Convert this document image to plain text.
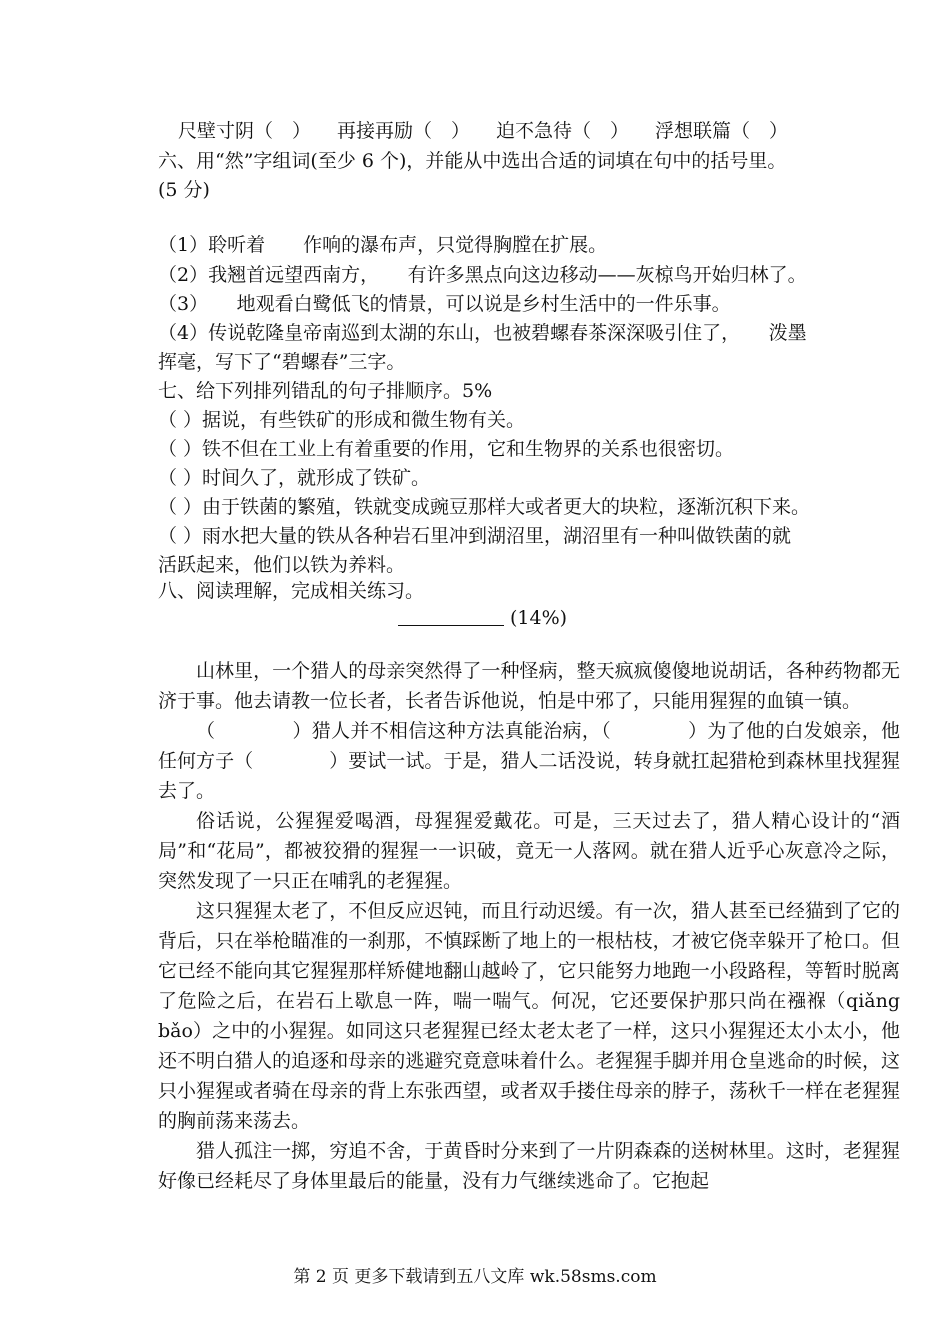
尺壁寸阴（　） 再接再励（　） 迫不急待（　） 浮想联篇（　）
六、用“然”字组词(至少 6 个)，并能从中选出合适的词填在句中的括号里。
(5 分)
（1）聆听着　　作响的瀑布声，只觉得胸膛在扩展。
（2）我翘首远望西南方，　　有许多黑点向这边移动——灰椋鸟开始归林了。
（3）　　地观看白鹭低飞的情景，可以说是乡村生活中的一件乐事。
（4）传说乾隆皇帝南巡到太湖的东山，也被碧螺春茶深深吸引住了，　　泼墨
挥毫，写下了“碧螺春”三字。
七、给下列排列错乱的句子排顺序。5%
（ ）据说，有些铁矿的形成和微生物有关。
（ ）铁不但在工业上有着重要的作用，它和生物界的关系也很密切。
（ ）时间久了，就形成了铁矿。
（ ）由于铁菌的繁殖，铁就变成豌豆那样大或者更大的块粒，逐渐沉积下来。
（ ）雨水把大量的铁从各种岩石里冲到湖沼里，湖沼里有一种叫做铁菌的就
活跃起来，他们以铁为养料。
八、阅读理解，完成相关练习。
(14%)

山林里，一个猎人的母亲突然得了一种怪病，整天疯疯傻傻地说胡话，各种药物都无济于事。他去请教一位长者，长者告诉他说，怕是中邪了，只能用猩猩的血镇一镇。

（　　　　）猎人并不相信这种方法真能治病，（　　　　）为了他的白发娘亲，他任何方子（　　　　）要试一试。于是，猎人二话没说，转身就扛起猎枪到森林里找猩猩去了。

俗话说，公猩猩爱喝酒，母猩猩爱戴花。可是，三天过去了，猎人精心设计的“酒局”和“花局”，都被狡猾的猩猩一一识破，竟无一人落网。就在猎人近乎心灰意冷之际，突然发现了一只正在哺乳的老猩猩。

这只猩猩太老了，不但反应迟钝，而且行动迟缓。有一次，猎人甚至已经猫到了它的背后，只在举枪瞄准的一刹那，不慎踩断了地上的一根枯枝，才被它侥幸躲开了枪口。但它已经不能向其它猩猩那样矫健地翻山越岭了，它只能努力地跑一小段路程，等暂时脱离了危险之后，在岩石上歇息一阵，喘一喘气。何况，它还要保护那只尚在襁褓（qiǎng　bǎo）之中的小猩猩。如同这只老猩猩已经太老太老了一样，这只小猩猩还太小太小，他还不明白猎人的追逐和母亲的逃避究竟意味着什么。老猩猩手脚并用仓皇逃命的时候，这只小猩猩或者骑在母亲的背上东张西望，或者双手搂住母亲的脖子，荡秋千一样在老猩猩的胸前荡来荡去。

猎人孤注一掷，穷追不舍，于黄昏时分来到了一片阴森森的送树林里。这时，老猩猩好像已经耗尽了身体里最后的能量，没有力气继续逃命了。它抱起

第 2 页 更多下载请到五八文库 wk.58sms.com
